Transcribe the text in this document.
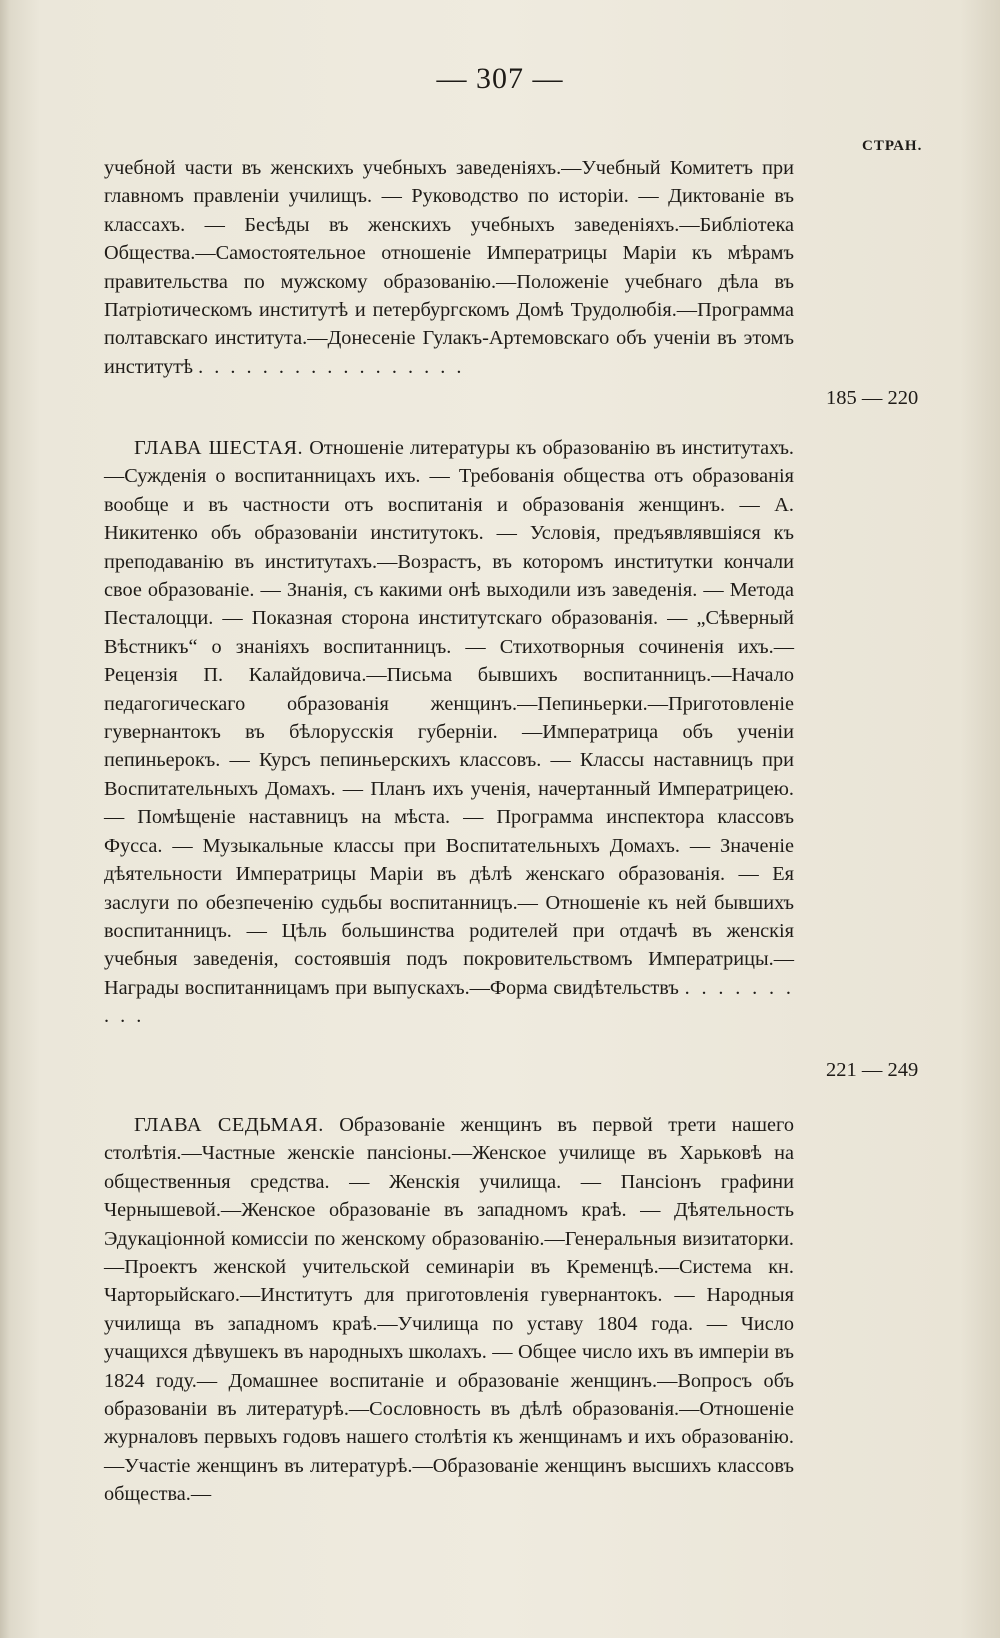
— 307 —
СТРАН.
учебной части въ женскихъ учебныхъ заведеніяхъ.—Учебный Комитетъ при главномъ правленіи училищъ. — Руководство по исторіи. — Диктованіе въ классахъ. — Бесѣды въ женскихъ учебныхъ заведеніяхъ.—Библіотека Общества.—Самостоятельное отношеніе Императрицы Маріи къ мѣрамъ правительства по мужскому образованію.—Положеніе учебнаго дѣла въ Патріотическомъ институтѣ и петербургскомъ Домѣ Трудолюбія.—Программа полтавскаго института.—Донесеніе Гулакъ-Артемовскаго объ ученіи въ этомъ институтѣ . . . . . . . . . . . . . . . . .
185 — 220
ГЛАВА ШЕСТАЯ. Отношеніе литературы къ образованію въ институтахъ.—Сужденія о воспитанницахъ ихъ. — Требованія общества отъ образованія вообще и въ частности отъ воспитанія и образованія женщинъ. — А. Никитенко объ образованіи институтокъ. — Условія, предъявлявшіяся къ преподаванію въ институтахъ.—Возрастъ, въ которомъ институтки кончали свое образованіе. — Знанія, съ какими онѣ выходили изъ заведенія. — Метода Песталоцци. — Показная сторона институтскаго образованія. — „Сѣверный Вѣстникъ“ о знаніяхъ воспитанницъ. — Стихотворныя сочиненія ихъ.—Рецензія П. Калайдовича.—Письма бывшихъ воспитанницъ.—Начало педагогическаго образованія женщинъ.—Пепиньерки.—Приготовленіе гувернантокъ въ бѣлорусскія губерніи. —Императрица объ ученіи пепиньерокъ. — Курсъ пепиньерскихъ классовъ. — Классы наставницъ при Воспитательныхъ Домахъ. — Планъ ихъ ученія, начертанный Императрицею. — Помѣщеніе наставницъ на мѣста. — Программа инспектора классовъ Фусса. — Музыкальные классы при Воспитательныхъ Домахъ. — Значеніе дѣятельности Императрицы Маріи въ дѣлѣ женскаго образованія. — Ея заслуги по обезпеченію судьбы воспитанницъ.— Отношеніе къ ней бывшихъ воспитанницъ. — Цѣль большинства родителей при отдачѣ въ женскія учебныя заведенія, состоявшія подъ покровительствомъ Императрицы.—Награды воспитанницамъ при выпускахъ.—Форма свидѣтельствъ . . . . . . . . . .
221 — 249
ГЛАВА СЕДЬМАЯ. Образованіе женщинъ въ первой трети нашего столѣтія.—Частные женскіе пансіоны.—Женское училище въ Харьковѣ на общественныя средства. — Женскія училища. — Пансіонъ графини Чернышевой.—Женское образованіе въ западномъ краѣ. — Дѣятельность Эдукаціонной комиссіи по женскому образованію.—Генеральныя визитаторки.—Проектъ женской учительской семинаріи въ Кременцѣ.—Система кн. Чарторыйскаго.—Институтъ для приготовленія гувернантокъ. — Народныя училища въ западномъ краѣ.—Училища по уставу 1804 года. — Число учащихся дѣвушекъ въ народныхъ школахъ. — Общее число ихъ въ имперіи въ 1824 году.— Домашнее воспитаніе и образованіе женщинъ.—Вопросъ объ образованіи въ литературѣ.—Сословность въ дѣлѣ образованія.—Отношеніе журналовъ первыхъ годовъ нашего столѣтія къ женщинамъ и ихъ образованію.—Участіе женщинъ въ литературѣ.—Образованіе женщинъ высшихъ классовъ общества.—
